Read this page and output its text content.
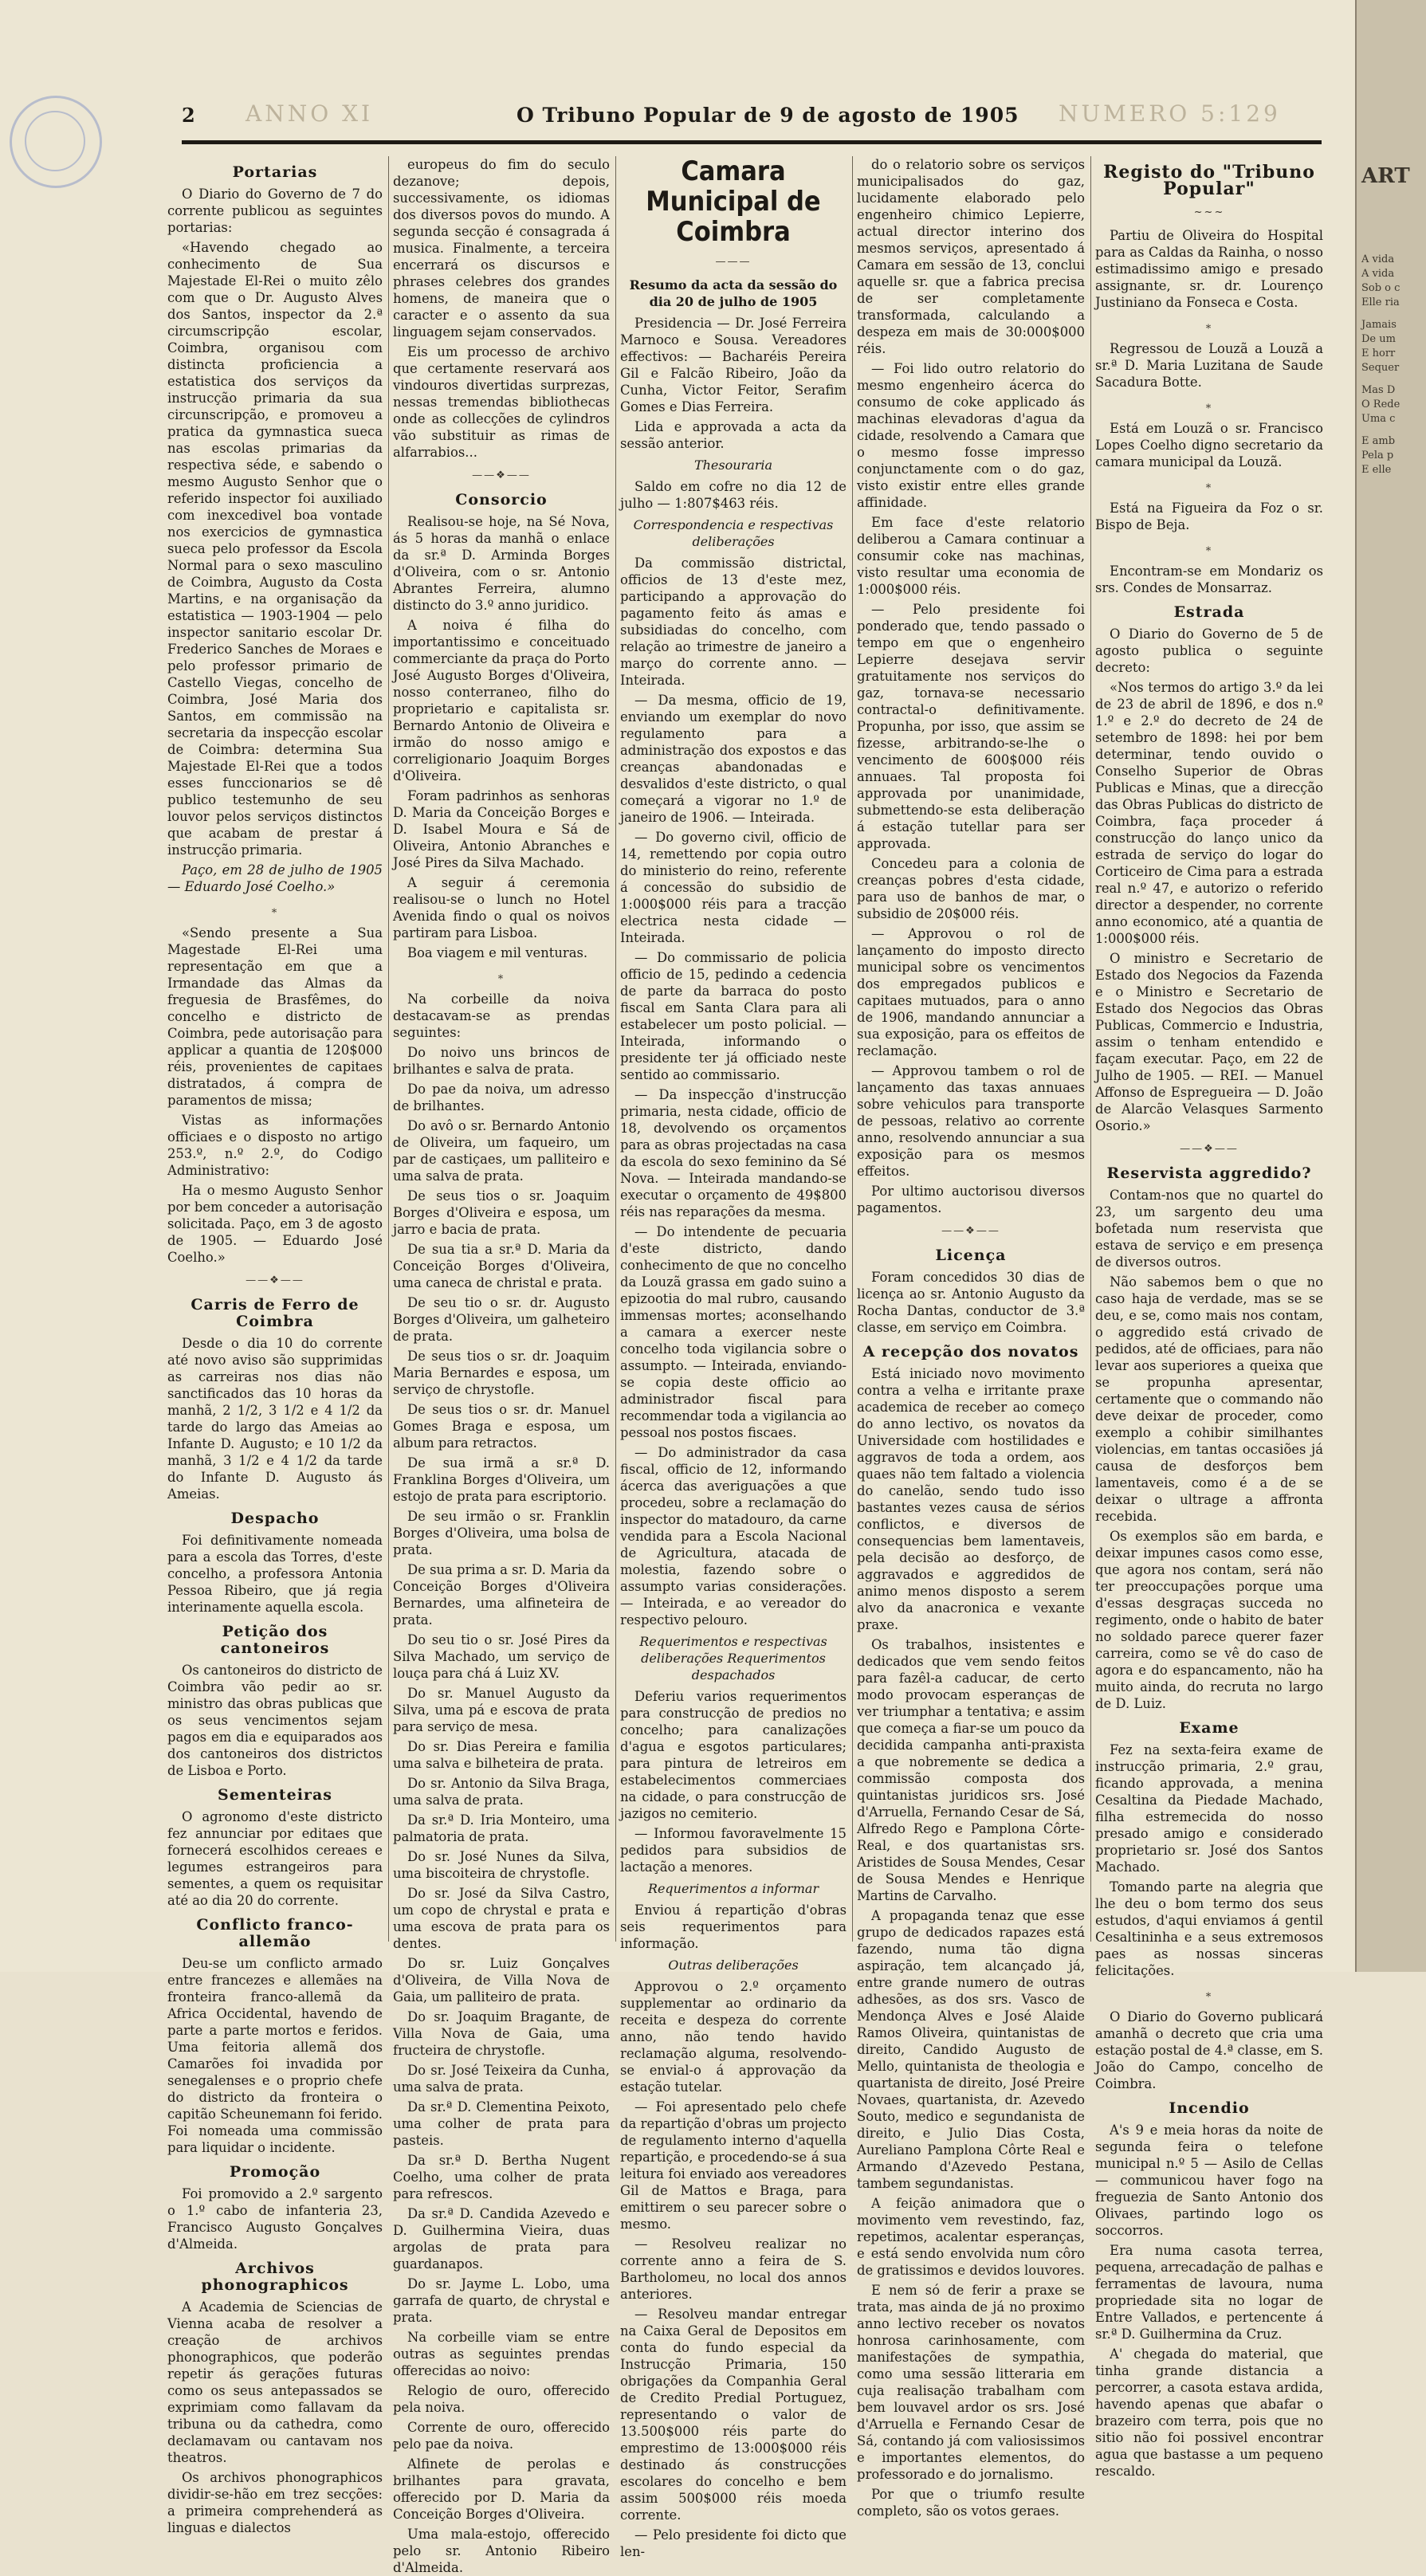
2 ANNO XI	O Tribuno Popular de 9 de agosto de 1905 NUMERO 5:129
Portarias

O Diario do Governo de 7 do corrente publicou as seguintes portarias:

«Havendo chegado ao conhecimento de Sua Majestade El-Rei o muito zêlo com que o Dr. Augusto Alves dos Santos, inspector da 2.ª circumscripção escolar, Coimbra, organisou com distincta proficiencia a estatistica dos serviços da instrucção primaria da sua circunscripção, e promoveu a pratica da gymnastica sueca nas escolas primarias da respectiva séde, e sabendo o mesmo Augusto Senhor que o referido inspector foi auxiliado com inexcedivel boa vontade nos exercicios de gymnastica sueca pelo professor da Escola Normal para o sexo masculino de Coimbra, Augusto da Costa Martins, e na organisação da estatistica — 1903-1904 — pelo inspector sanitario escolar Dr. Frederico Sanches de Moraes e pelo professor primario de Castello Viegas, concelho de Coimbra, José Maria dos Santos, em commissão na secretaria da inspecção escolar de Coimbra: determina Sua Majestade El-Rei que a todos esses funccionarios se dê publico testemunho de seu louvor pelos serviços distinctos que acabam de prestar á instrucção primaria.

Paço, em 28 de julho de 1905 — Eduardo José Coelho.»

⁎

«Sendo presente a Sua Magestade El-Rei uma representação em que a Irmandade das Almas da freguesia de Brasfêmes, do concelho e districto de Coimbra, pede autorisação para applicar a quantia de 120$000 réis, provenientes de capitaes distratados, á compra de paramentos de missa;

Vistas as informações officiaes e o disposto no artigo 253.º, n.º 2.º, do Codigo Administrativo:

Ha o mesmo Augusto Senhor por bem conceder a autorisação solicitada. Paço, em 3 de agosto de 1905. — Eduardo José Coelho.»

——❖——
Carris de Ferro de Coimbra

Desde o dia 10 do corrente até novo aviso são supprimidas as carreiras nos dias não sanctificados das 10 horas da manhã, 2 1/2, 3 1/2 e 4 1/2 da tarde do largo das Ameias ao Infante D. Augusto; e 10 1/2 da manhã, 3 1/2 e 4 1/2 da tarde do Infante D. Augusto ás Ameias.

Despacho

Foi definitivamente nomeada para a escola das Torres, d'este concelho, a professora Antonia Pessoa Ribeiro, que já regia interinamente aquella escola.

Petição dos cantoneiros

Os cantoneiros do districto de Coimbra vão pedir ao sr. ministro das obras publicas que os seus vencimentos sejam pagos em dia e equiparados aos dos cantoneiros dos districtos de Lisboa e Porto.

Sementeiras

O agronomo d'este districto fez annunciar por editaes que fornecerá escolhidos cereaes e legumes estrangeiros para sementes, a quem os requisitar até ao dia 20 do corrente.

Conflicto franco-allemão

Deu-se um conflicto armado entre francezes e allemães na fronteira franco-allemã da Africa Occidental, havendo de parte a parte mortos e feridos. Uma feitoria allemã dos Camarões foi invadida por senegalenses e o proprio chefe do districto da fronteira o capitão Scheunemann foi ferido. Foi nomeada uma commissão para liquidar o incidente.

Promoção

Foi promovido a 2.º sargento o 1.º cabo de infanteria 23, Francisco Augusto Gonçalves d'Almeida.

Archivos phonographicos

A Academia de Sciencias de Vienna acaba de resolver a creação de archivos phonographicos, que poderão repetir ás gerações futuras como os seus antepassados se exprimiam como fallavam da tribuna ou da cathedra, como declamavam ou cantavam nos theatros.

Os archivos phonographicos dividir-se-hão em trez secções: a primeira comprehenderá as linguas e dialectos

europeus do fim do seculo dezanove; depois, successivamente, os idiomas dos diversos povos do mundo. A segunda secção é consagrada á musica. Finalmente, a terceira encerrará os discursos e phrases celebres dos grandes homens, de maneira que o caracter e o assento da sua linguagem sejam conservados.

Eis um processo de archivo que certamente reservará aos vindouros divertidas surprezas, nessas tremendas bibliothecas onde as collecções de cylindros vão substituir as rimas de alfarrabios...

——❖——
Consorcio

Realisou-se hoje, na Sé Nova, ás 5 horas da manhã o enlace da sr.ª D. Arminda Borges d'Oliveira, com o sr. Antonio Abrantes Ferreira, alumno distincto do 3.º anno juridico.

A noiva é filha do importantissimo e conceituado commerciante da praça do Porto José Augusto Borges d'Oliveira, nosso conterraneo, filho do proprietario e capitalista sr. Bernardo Antonio de Oliveira e irmão do nosso amigo e correligionario Joaquim Borges d'Oliveira.

Foram padrinhos as senhoras D. Maria da Conceição Borges e D. Isabel Moura e Sá de Oliveira, Antonio Abranches e José Pires da Silva Machado.

A seguir á ceremonia realisou-se o lunch no Hotel Avenida findo o qual os noivos partiram para Lisboa.

Boa viagem e mil venturas.

⁎

Na corbeille da noiva destacavam-se as prendas seguintes:

Do noivo uns brincos de brilhantes e salva de prata.

Do pae da noiva, um adresso de brilhantes.

Do avô o sr. Bernardo Antonio de Oliveira, um faqueiro, um par de castiçaes, um palliteiro e uma salva de prata.

De seus tios o sr. Joaquim Borges d'Oliveira e esposa, um jarro e bacia de prata.

De sua tia a sr.ª D. Maria da Conceição Borges d'Oliveira, uma caneca de christal e prata.

De seu tio o sr. dr. Augusto Borges d'Oliveira, um galheteiro de prata.

De seus tios o sr. dr. Joaquim Maria Bernardes e esposa, um serviço de chrystofle.

De seus tios o sr. dr. Manuel Gomes Braga e esposa, um album para retractos.

De sua irmã a sr.ª D. Franklina Borges d'Oliveira, um estojo de prata para escriptorio.

De seu irmão o sr. Franklin Borges d'Oliveira, uma bolsa de prata.

De sua prima a sr. D. Maria da Conceição Borges d'Oliveira Bernardes, uma alfineteira de prata.

Do seu tio o sr. José Pires da Silva Machado, um serviço de louça para chá á Luiz XV.

Do sr. Manuel Augusto da Silva, uma pá e escova de prata para serviço de mesa.

Do sr. Dias Pereira e familia uma salva e bilheteira de prata.

Do sr. Antonio da Silva Braga, uma salva de prata.

Da sr.ª D. Iria Monteiro, uma palmatoria de prata.

Do sr. José Nunes da Silva, uma biscoiteira de chrystofle.

Do sr. José da Silva Castro, um copo de chrystal e prata e uma escova de prata para os dentes.

Do sr. Luiz Gonçalves d'Oliveira, de Villa Nova de Gaia, um palliteiro de prata.

Do sr. Joaquim Bragante, de Villa Nova de Gaia, uma fructeira de chrystofle.

Do sr. José Teixeira da Cunha, uma salva de prata.

Da sr.ª D. Clementina Peixoto, uma colher de prata para pasteis.

Da sr.ª D. Bertha Nugent Coelho, uma colher de prata para refrescos.

Da sr.ª D. Candida Azevedo e D. Guilhermina Vieira, duas argolas de prata para guardanapos.

Do sr. Jayme L. Lobo, uma garrafa de quarto, de chrystal e prata.

Na corbeille viam se entre outras as seguintes prendas offerecidas ao noivo:

Relogio de ouro, offerecido pela noiva.

Corrente de ouro, offerecido pelo pae da noiva.

Alfinete de perolas e brilhantes para gravata, offerecido por D. Maria da Conceição Borges d'Oliveira.

Uma mala-estojo, offerecido pelo sr. Antonio Ribeiro d'Almeida.

Camara Municipal de Coimbra
———

Resumo da acta da sessão do dia 20 de julho de 1905

Presidencia — Dr. José Ferreira Marnoco e Sousa. Vereadores effectivos: — Bacharéis Pereira Gil e Falcão Ribeiro, João da Cunha, Victor Feitor, Serafim Gomes e Dias Ferreira.

Lida e approvada a acta da sessão anterior.

Thesouraria

Saldo em cofre no dia 12 de julho — 1:807$463 réis.

Correspondencia e respectivas deliberações

Da commissão districtal, officios de 13 d'este mez, participando a approvação do pagamento feito ás amas e subsidiadas do concelho, com relação ao trimestre de janeiro a março do corrente anno. — Inteirada.

— Da mesma, officio de 19, enviando um exemplar do novo regulamento para a administração dos expostos e das creanças abandonadas e desvalidos d'este districto, o qual começará a vigorar no 1.º de janeiro de 1906. — Inteirada.

— Do governo civil, officio de 14, remettendo por copia outro do ministerio do reino, referente á concessão do subsidio de 1:000$000 réis para a tracção electrica nesta cidade — Inteirada.

— Do commissario de policia officio de 15, pedindo a cedencia de parte da barraca do posto fiscal em Santa Clara para ali estabelecer um posto policial. — Inteirada, informando o presidente ter já officiado neste sentido ao commissario.

— Da inspecção d'instrucção primaria, nesta cidade, officio de 18, devolvendo os orçamentos para as obras projectadas na casa da escola do sexo feminino da Sé Nova. — Inteirada mandando-se executar o orçamento de 49$800 réis nas reparações da mesma.

— Do intendente de pecuaria d'este districto, dando conhecimento de que no concelho da Louzã grassa em gado suino a epizootia do mal rubro, causando immensas mortes; aconselhando a camara a exercer neste concelho toda vigilancia sobre o assumpto. — Inteirada, enviando-se copia deste officio ao administrador fiscal para recommendar toda a vigilancia ao pessoal nos postos fiscaes.

— Do administrador da casa fiscal, officio de 12, informando ácerca das averiguações a que procedeu, sobre a reclamação do inspector do matadouro, da carne vendida para a Escola Nacional de Agricultura, atacada de molestia, fazendo sobre o assumpto varias considerações. — Inteirada, e ao vereador do respectivo pelouro.

Requerimentos e respectivas deliberações Requerimentos despachados

Deferiu varios requerimentos para construcção de predios no concelho; para canalizações d'agua e esgotos particulares; para pintura de letreiros em estabelecimentos commerciaes na cidade, o para construcção de jazigos no cemiterio.

— Informou favoravelmente 15 pedidos para subsidios de lactação a menores.

Requerimentos a informar

Enviou á repartição d'obras seis requerimentos para informação.

Outras deliberações

Approvou o 2.º orçamento supplementar ao ordinario da receita e despeza do corrente anno, não tendo havido reclamação alguma, resolvendo-se envial-o á approvação da estação tutelar.

— Foi apresentado pelo chefe da repartição d'obras um projecto de regulamento interno d'aquella repartição, e procedendo-se á sua leitura foi enviado aos vereadores Gil de Mattos e Braga, para emittirem o seu parecer sobre o mesmo.

— Resolveu realizar no corrente anno a feira de S. Bartholomeu, no local dos annos anteriores.

— Resolveu mandar entregar na Caixa Geral de Depositos em conta do fundo especial da Instrucção Primaria, 150 obrigações da Companhia Geral de Credito Predial Portuguez, representando o valor de 13.500$000 réis parte do emprestimo de 13:000$000 réis destinado ás construcções escolares do concelho e bem assim 500$000 réis moeda corrente.

— Pelo presidente foi dicto que len-

do o relatorio sobre os serviços municipalisados do gaz, lucidamente elaborado pelo engenheiro chimico Lepierre, actual director interino dos mesmos serviços, apresentado á Camara em sessão de 13, conclui aquelle sr. que a fabrica precisa de ser completamente transformada, calculando a despeza em mais de 30:000$000 réis.

— Foi lido outro relatorio do mesmo engenheiro ácerca do consumo de coke applicado ás machinas elevadoras d'agua da cidade, resolvendo a Camara que o mesmo fosse impresso conjunctamente com o do gaz, visto existir entre elles grande affinidade.

Em face d'este relatorio deliberou a Camara continuar a consumir coke nas machinas, visto resultar uma economia de 1:000$000 réis.

— Pelo presidente foi ponderado que, tendo passado o tempo em que o engenheiro Lepierre desejava servir gratuitamente nos serviços do gaz, tornava-se necessario contractal-o definitivamente. Propunha, por isso, que assim se fizesse, arbitrando-se-lhe o vencimento de 600$000 réis annuaes. Tal proposta foi approvada por unanimidade, submettendo-se esta deliberação á estação tutellar para ser approvada.

Concedeu para a colonia de creanças pobres d'esta cidade, para uso de banhos de mar, o subsidio de 20$000 réis.

— Approvou o rol de lançamento do imposto directo municipal sobre os vencimentos dos empregados publicos e capitaes mutuados, para o anno de 1906, mandando annunciar a sua exposição, para os effeitos de reclamação.

— Approvou tambem o rol de lançamento das taxas annuaes sobre vehiculos para transporte de pessoas, relativo ao corrente anno, resolvendo annunciar a sua exposição para os mesmos effeitos.

Por ultimo auctorisou diversos pagamentos.

——❖——
Licença

Foram concedidos 30 dias de licença ao sr. Antonio Augusto da Rocha Dantas, conductor de 3.ª classe, em serviço em Coimbra.

A recepção dos novatos

Está iniciado novo movimento contra a velha e irritante praxe academica de receber ao começo do anno lectivo, os novatos da Universidade com hostilidades e aggravos de toda a ordem, aos quaes não tem faltado a violencia do canelão, sendo tudo isso bastantes vezes causa de sérios conflictos, e diversos de consequencias bem lamentaveis, pela decisão ao desforço, de aggravados e aggredidos de animo menos disposto a serem alvo da anacronica e vexante praxe.

Os trabalhos, insistentes e dedicados que vem sendo feitos para fazêl-a caducar, de certo modo provocam esperanças de ver triumphar a tentativa; e assim que começa a fiar-se um pouco da decidida campanha anti-praxista a que nobremente se dedica a commissão composta dos quintanistas juridicos srs. José d'Arruella, Fernando Cesar de Sá, Alfredo Rego e Pamplona Côrte-Real, e dos quartanistas srs. Aristides de Sousa Mendes, Cesar de Sousa Mendes e Henrique Martins de Carvalho.

A propaganda tenaz que esse grupo de dedicados rapazes está fazendo, numa tão digna aspiração, tem alcançado já, entre grande numero de outras adhesões, as dos srs. Vasco de Mendonça Alves e José Alaide Ramos Oliveira, quintanistas de direito, Candido Augusto de Mello, quintanista de theologia e quartanista de direito, José Preire Novaes, quartanista, dr. Azevedo Souto, medico e segundanista de direito, e Julio Dias Costa, Aureliano Pamplona Côrte Real e Armando d'Azevedo Pestana, tambem segundanistas.

A feição animadora que o movimento vem revestindo, faz, repetimos, acalentar esperanças, e está sendo envolvida num côro de gratissimos e devidos louvores.

E nem só de ferir a praxe se trata, mas ainda de já no proximo anno lectivo receber os novatos honrosa carinhosamente, com manifestações de sympathia, como uma sessão litteraria em cuja realisação trabalham com bem louvavel ardor os srs. José d'Arruella e Fernando Cesar de Sá, contando já com valiosissimos e importantes elementos, do professorado e do jornalismo.

Por que o triumfo resulte completo, são os votos geraes.

Registo do "Tribuno Popular"
~~~

Partiu de Oliveira do Hospital para as Caldas da Rainha, o nosso estimadissimo amigo e presado assignante, sr. dr. Lourenço Justiniano da Fonseca e Costa.

⁎

Regressou de Louzã a Louzã a sr.ª D. Maria Luzitana de Saude Sacadura Botte.

⁎

Está em Louzã o sr. Francisco Lopes Coelho digno secretario da camara municipal da Louzã.

⁎

Está na Figueira da Foz o sr. Bispo de Beja.

⁎

Encontram-se em Mondariz os srs. Condes de Monsarraz.

Estrada

O Diario do Governo de 5 de agosto publica o seguinte decreto:

«Nos termos do artigo 3.º da lei de 23 de abril de 1896, e dos n.º 1.º e 2.º do decreto de 24 de setembro de 1898: hei por bem determinar, tendo ouvido o Conselho Superior de Obras Publicas e Minas, que a direcção das Obras Publicas do districto de Coimbra, faça proceder á construcção do lanço unico da estrada de serviço do logar do Corticeiro de Cima para a estrada real n.º 47, e autorizo o referido director a despender, no corrente anno economico, até a quantia de 1:000$000 réis.

O ministro e Secretario de Estado dos Negocios da Fazenda e o Ministro e Secretario de Estado dos Negocios das Obras Publicas, Commercio e Industria, assim o tenham entendido e façam executar. Paço, em 22 de Julho de 1905. — REI. — Manuel Affonso de Espregueira — D. João de Alarcão Velasques Sarmento Osorio.»

——❖——
Reservista aggredido?

Contam-nos que no quartel do 23, um sargento deu uma bofetada num reservista que estava de serviço e em presença de diversos outros.

Não sabemos bem o que no caso haja de verdade, mas se se deu, e se, como mais nos contam, o aggredido está crivado de pedidos, até de officiaes, para não levar aos superiores a queixa que se propunha apresentar, certamente que o commando não deve deixar de proceder, como exemplo a cohibir similhantes violencias, em tantas occasiões já causa de desforços bem lamentaveis, como é a de se deixar o ultrage a affronta recebida.

Os exemplos são em barda, e deixar impunes casos como esse, que agora nos contam, será não ter preoccupações porque uma d'essas desgraças succeda no regimento, onde o habito de bater no soldado parece querer fazer carreira, como se vê do caso de agora e do espancamento, não ha muito ainda, do recruta no largo de D. Luiz.

Exame

Fez na sexta-feira exame de instrucção primaria, 2.º grau, ficando approvada, a menina Cesaltina da Piedade Machado, filha estremecida do nosso presado amigo e considerado proprietario sr. José dos Santos Machado.

Tomando parte na alegria que lhe deu o bom termo dos seus estudos, d'aqui enviamos á gentil Cesaltininha e a seus extremosos paes as nossas sinceras felicitações.

⁎

O Diario do Governo publicará amanhã o decreto que cria uma estação postal de 4.ª classe, em S. João do Campo, concelho de Coimbra.

Incendio

A's 9 e meia horas da noite de segunda feira o telefone municipal n.º 5 — Asilo de Cellas — communicou haver fogo na freguezia de Santo Antonio dos Olivaes, partindo logo os soccorros.

Era numa casota terrea, pequena, arrecadação de palhas e ferramentas de lavoura, numa propriedade sita no logar de Entre Vallados, e pertencente á sr.ª D. Guilhermina da Cruz.

A' chegada do material, que tinha grande distancia a percorrer, a casota estava ardida, havendo apenas que abafar o brazeiro com terra, pois que no sitio não foi possivel encontrar agua que bastasse a um pequeno rescaldo.

ART
A vida
A vida
Sob o c
Elle ria
Jamais
De um
E horr
Sequer
Mas D
O Rede
Uma c
E amb
Pela p
E elle
